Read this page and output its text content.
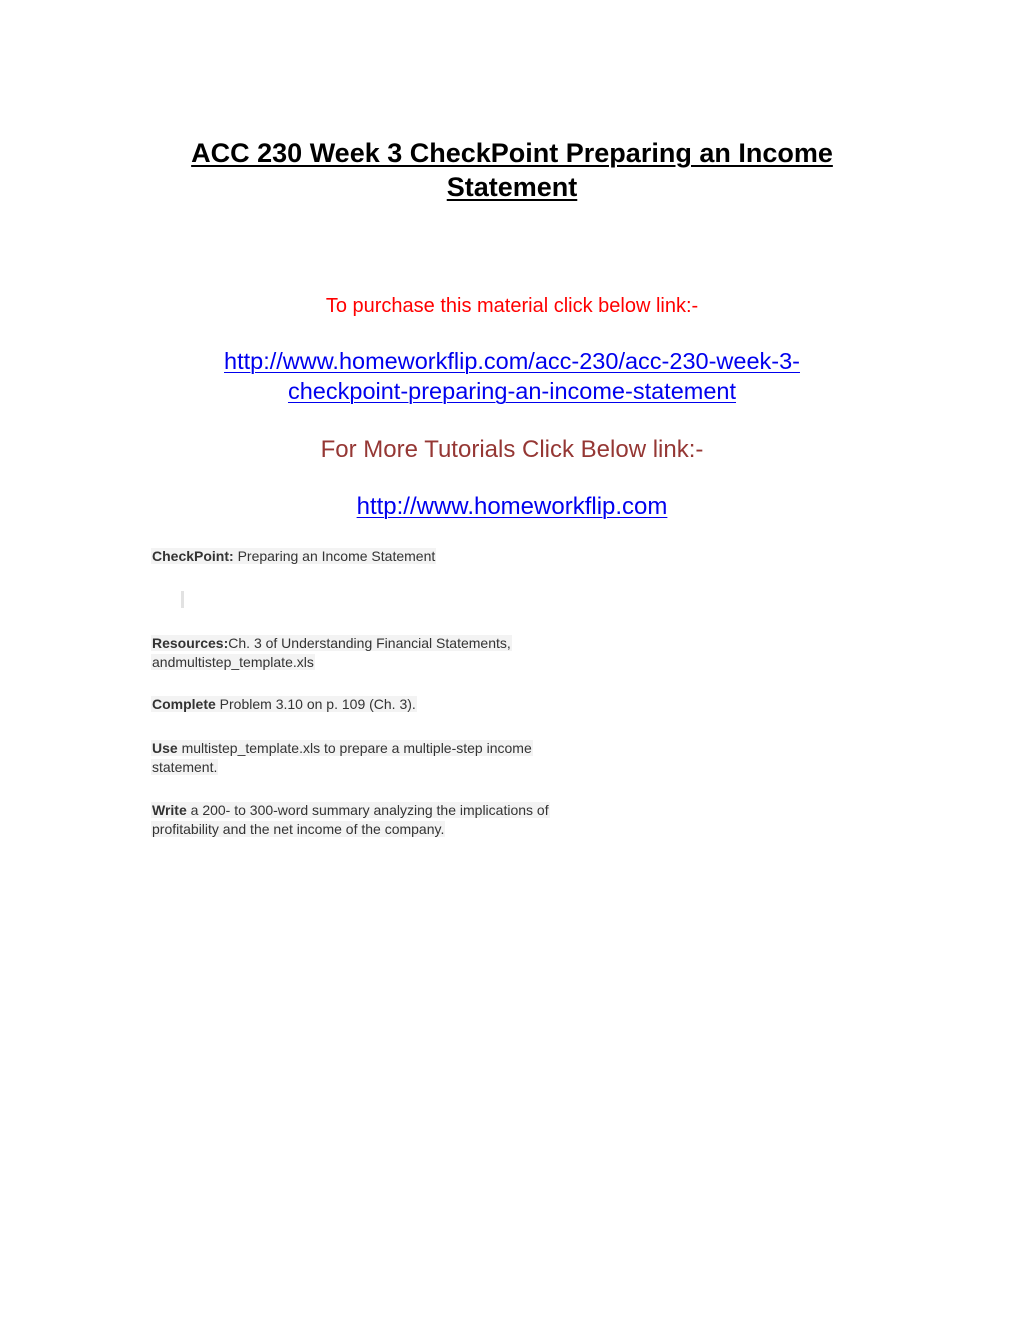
ACC 230 Week 3 CheckPoint Preparing an Income
Statement
To purchase this material click below link:-
http://www.homeworkflip.com/acc-230/acc-230-week-3-
checkpoint-preparing-an-income-statement
For More Tutorials Click Below link:-
http://www.homeworkflip.com
CheckPoint: Preparing an Income Statement
Resources:Ch. 3 of Understanding Financial Statements,
andmultistep_template.xls
Complete Problem 3.10 on p. 109 (Ch. 3).
Use multistep_template.xls to prepare a multiple-step income
statement.
Write a 200- to 300-word summary analyzing the implications of
profitability and the net income of the company.
